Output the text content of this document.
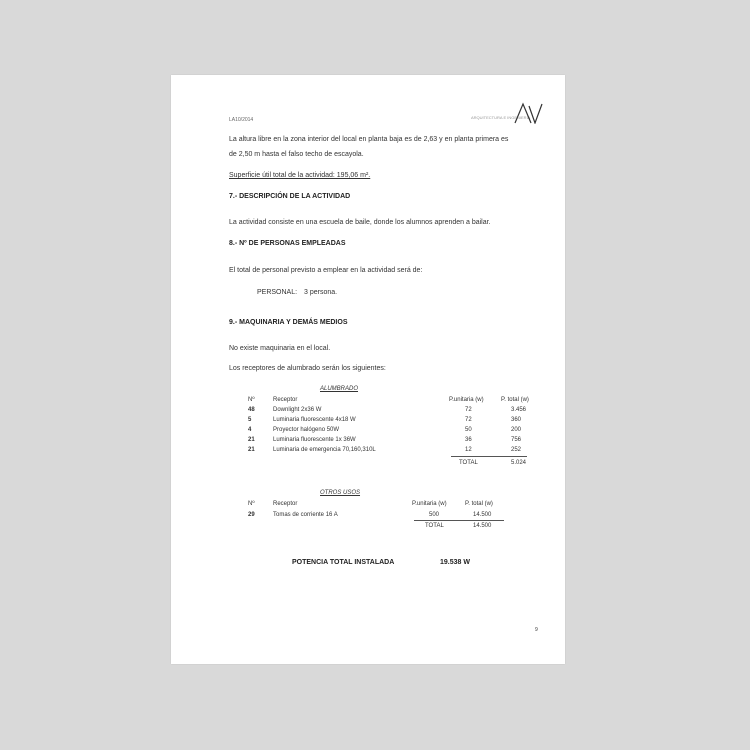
LA10/2014	ARQUITECTURA E INGENIERIA
La altura libre en la zona interior del local en planta baja es de 2,63 y en planta primera es
de 2,50 m hasta el falso techo de escayola.
Superficie útil total de la actividad: 195,06 m².
7.- DESCRIPCIÓN DE LA ACTIVIDAD
La actividad consiste en una escuela de baile, donde los alumnos aprenden a bailar.
8.- Nº DE PERSONAS EMPLEADAS
El total de personal previsto a emplear en la actividad será de:
PERSONAL: 3 persona.
9.- MAQUINARIA Y DEMÁS MEDIOS
No existe maquinaria en el local.
Los receptores de alumbrado serán los siguientes:
ALUMBRADO
Nº	Receptor	P.unitaria (w)	P. total (w)
48	Downlight 2x36 W	72	3.456
5	Luminaria fluorescente 4x18 W	72	360
4	Proyector halógeno 50W	50	200
21	Luminaria fluorescente 1x 36W	36	756
21	Luminaria de emergencia 70,160,310L	12	252
TOTAL	5.024
OTROS USOS
Nº	Receptor	P.unitaria (w)	P. total (w)
29	Tomas de corriente 16 A	500	14.500
TOTAL	14.500
POTENCIA TOTAL INSTALADA	19.538 W
9
